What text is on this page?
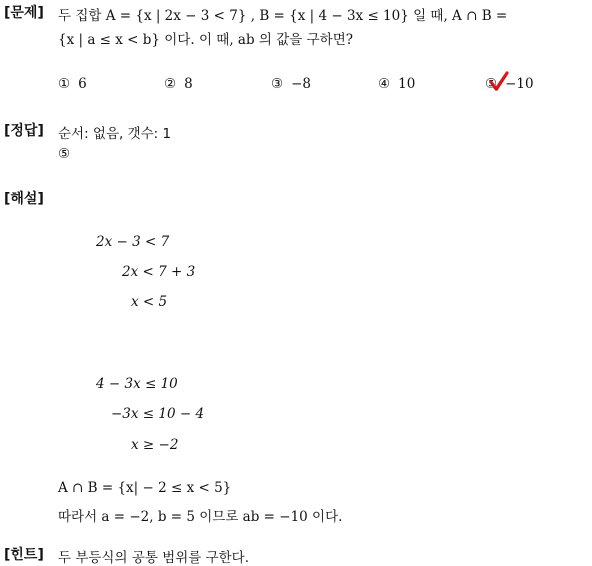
[문제] 두 집합 A = {x | 2x − 3 < 7} , B = {x | 4 − 3x ≤ 10} 일 때, A ∩ B =
{x | a ≤ x < b} 이다. 이 때, ab 의 값을 구하면?
① 6	② 8	③ −8	④ 10	⑤ −10
[정답] 순서: 없음, 갯수: 1
⑤
[해설]
2x − 3 < 7
2x < 7 + 3
x < 5
4 − 3x ≤ 10
−3x ≤ 10 − 4
x ≥ −2
A ∩ B = {x| − 2 ≤ x < 5}
따라서 a = −2, b = 5 이므로 ab = −10 이다.
[힌트] 두 부등식의 공통 범위를 구한다.
